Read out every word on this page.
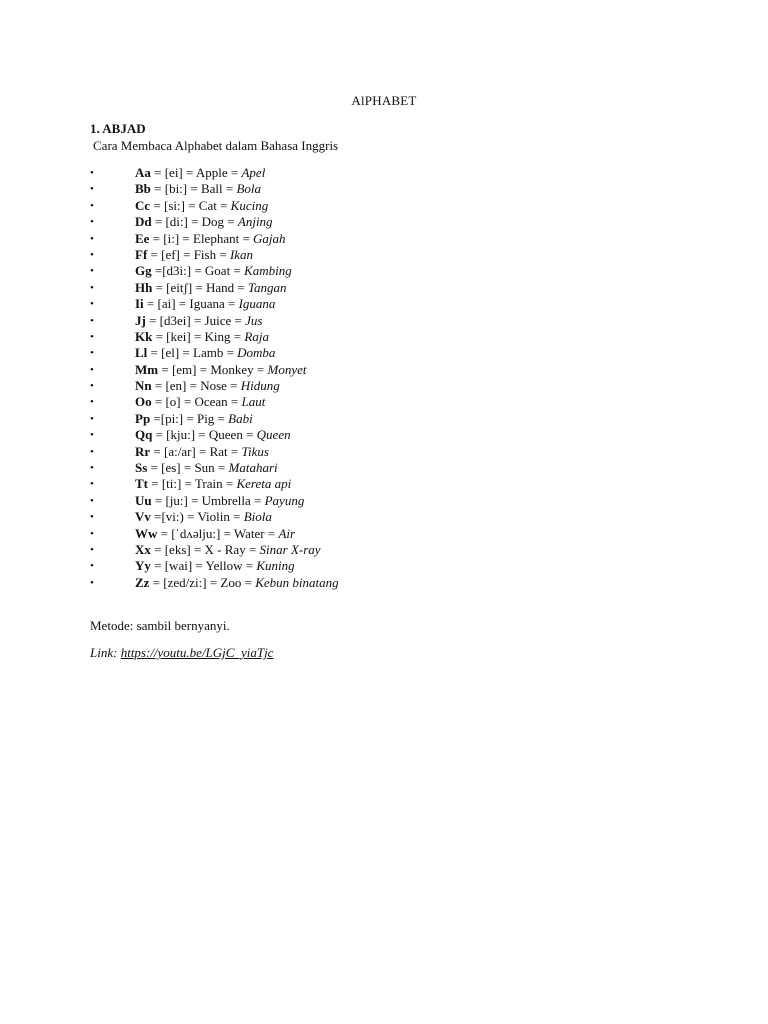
AlPHABET
1. ABJAD
Cara Membaca Alphabet dalam Bahasa Inggris
•	Aa = [ei] = Apple = Apel
•	Bb = [bi:] = Ball = Bola
•	Cc = [si:] = Cat = Kucing
•	Dd = [di:] = Dog = Anjing
•	Ee = [i:] = Elephant = Gajah
•	Ff = [ef] = Fish = Ikan
•	Gg =[d3i:] = Goat = Kambing
•	Hh = [eitʃ] = Hand = Tangan
•	Ii = [ai] = Iguana = Iguana
•	Jj = [d3ei] = Juice = Jus
•	Kk = [kei] = King = Raja
•	Ll = [el] = Lamb = Domba
•	Mm = [em] = Monkey = Monyet
•	Nn = [en] = Nose = Hidung
•	Oo = [o] = Ocean = Laut
•	Pp =[pi:] = Pig = Babi
•	Qq = [kju:] = Queen = Queen
•	Rr = [a:/ar] = Rat = Tikus
•	Ss = [es] = Sun = Matahari
•	Tt = [ti:] = Train = Kereta api
•	Uu = [ju:] = Umbrella = Payung
•	Vv =[vi:) = Violin = Biola
•	Ww = [ˈdʌəlju:] = Water = Air
•	Xx = [eks] = X - Ray = Sinar X-ray
•	Yy = [wai] = Yellow = Kuning
•	Zz = [zed/zi:] = Zoo = Kebun binatang
Metode: sambil bernyanyi.
Link: https://youtu.be/LGjC_yiaTjc
